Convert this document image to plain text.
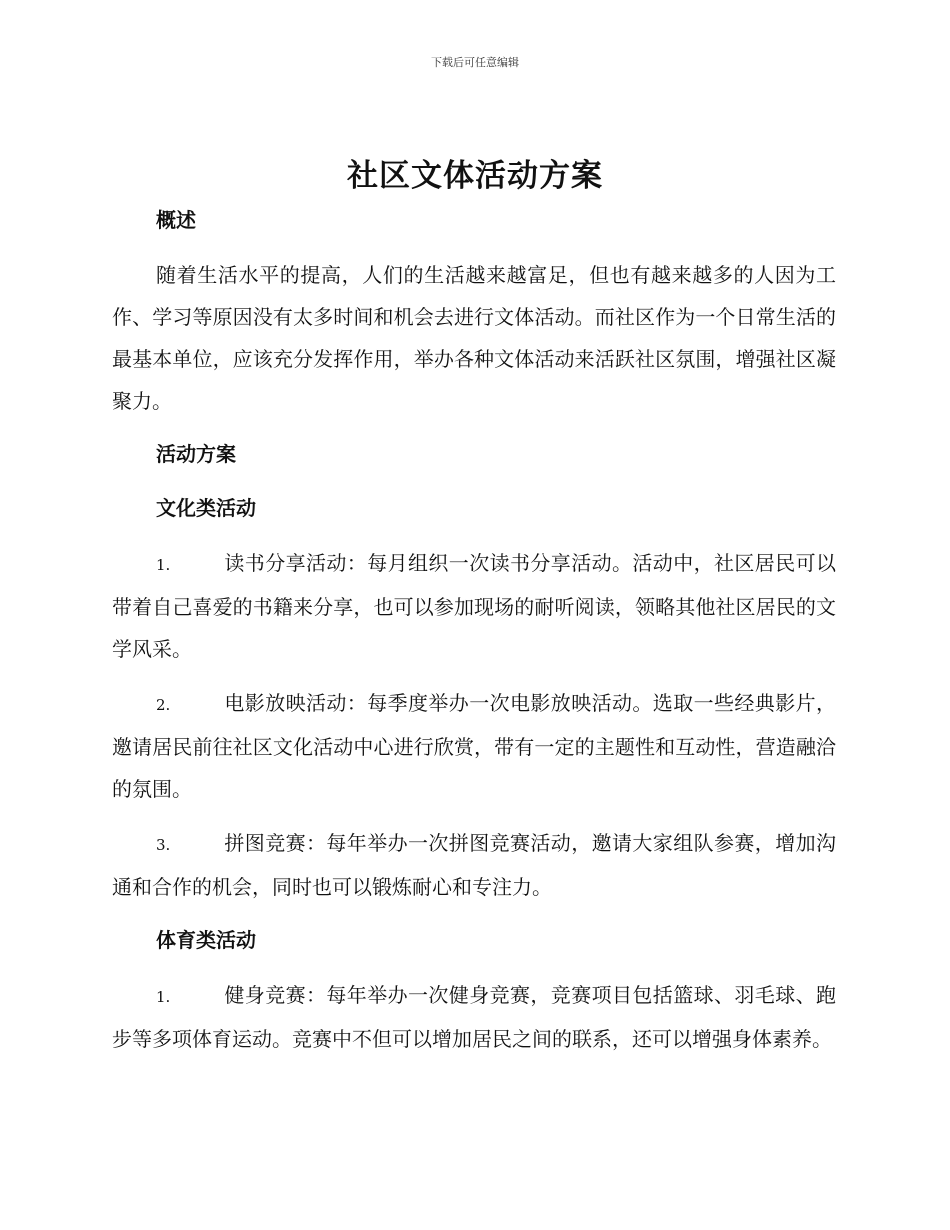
下载后可任意编辑
社区文体活动方案
概述

随着生活水平的提高，人们的生活越来越富足，但也有越来越多的人因为工作、学习等原因没有太多时间和机会去进行文体活动。而社区作为一个日常生活的最基本单位，应该充分发挥作用，举办各种文体活动来活跃社区氛围，增强社区凝聚力。

活动方案
文化类活动

1.	读书分享活动：每月组织一次读书分享活动。活动中，社区居民可以带着自己喜爱的书籍来分享，也可以参加现场的耐听阅读，领略其他社区居民的文学风采。

2.	电影放映活动：每季度举办一次电影放映活动。选取一些经典影片，邀请居民前往社区文化活动中心进行欣赏，带有一定的主题性和互动性，营造融洽的氛围。

3.	拼图竞赛：每年举办一次拼图竞赛活动，邀请大家组队参赛，增加沟通和合作的机会，同时也可以锻炼耐心和专注力。

体育类活动

1.	健身竞赛：每年举办一次健身竞赛，竞赛项目包括篮球、羽毛球、跑步等多项体育运动。竞赛中不但可以增加居民之间的联系，还可以增强身体素养。
